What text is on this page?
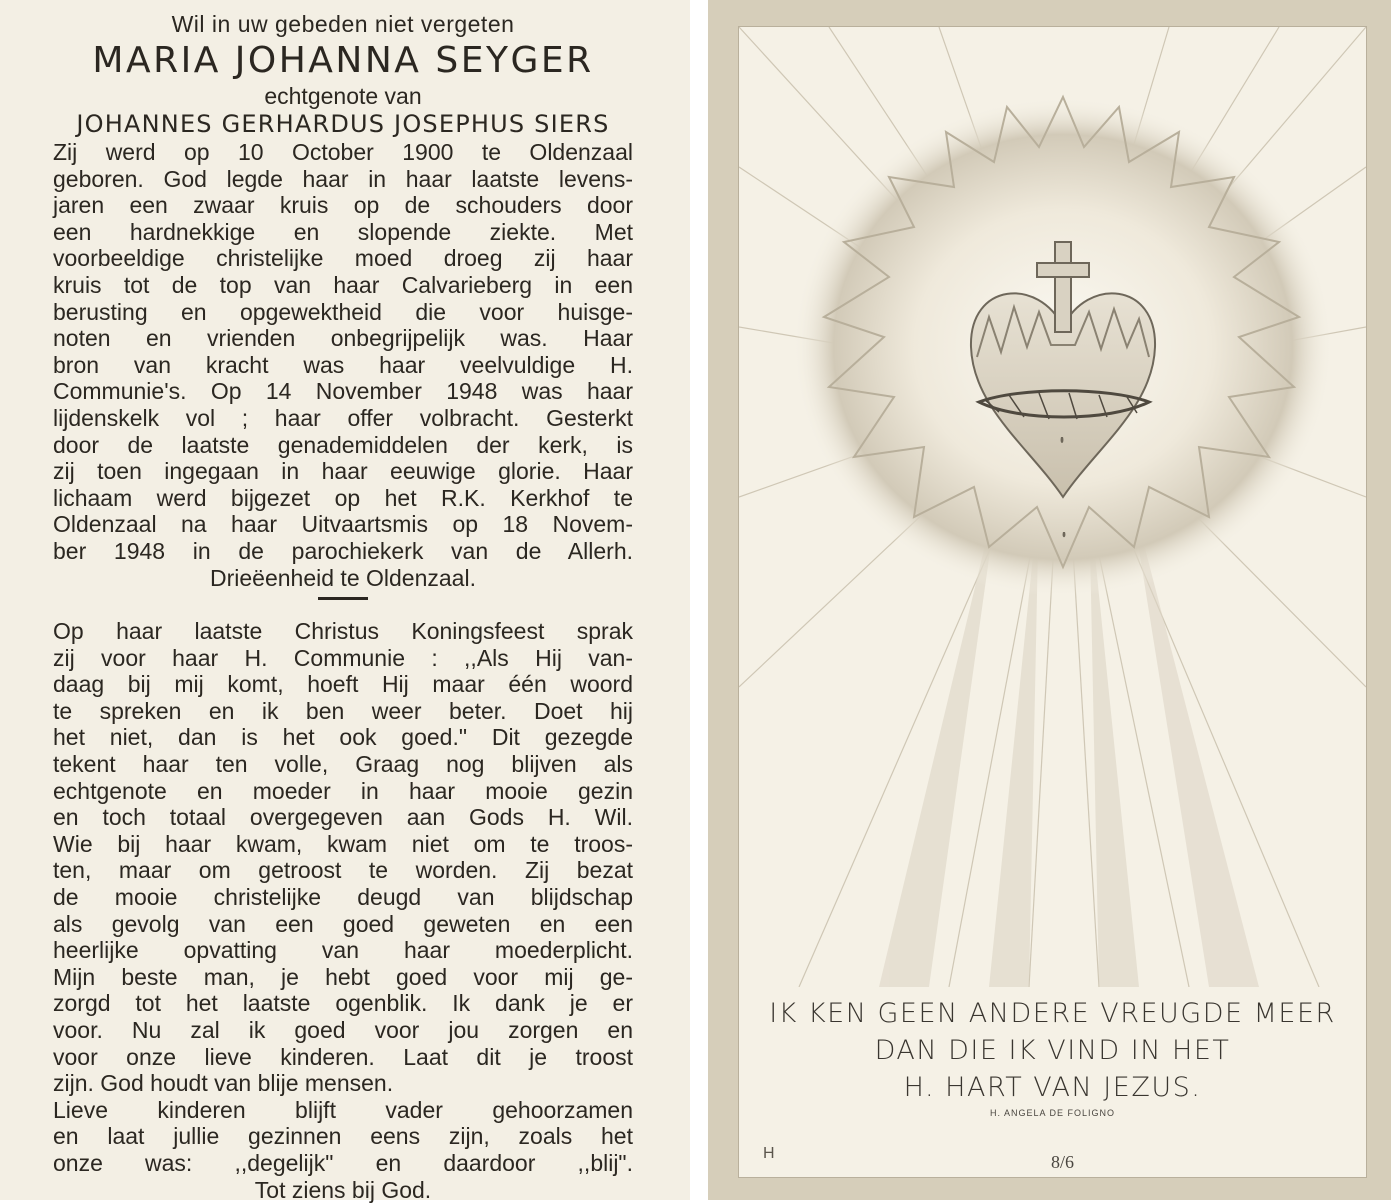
Wil in uw gebeden niet vergeten
MARIA JOHANNA SEYGER
echtgenote van
JOHANNES GERHARDUS JOSEPHUS SIERS
Zij werd op 10 October 1900 te Oldenzaal
geboren. God legde haar in haar laatste levens-
jaren een zwaar kruis op de schouders door
een hardnekkige en slopende ziekte. Met
voorbeeldige christelijke moed droeg zij haar
kruis tot de top van haar Calvarieberg in een
berusting en opgewektheid die voor huisge-
noten en vrienden onbegrijpelijk was. Haar
bron van kracht was haar veelvuldige H.
Communie's. Op 14 November 1948 was haar
lijdenskelk vol ; haar offer volbracht. Gesterkt
door de laatste genademiddelen der kerk, is
zij toen ingegaan in haar eeuwige glorie. Haar
lichaam werd bijgezet op het R.K. Kerkhof te
Oldenzaal na haar Uitvaartsmis op 18 Novem-
ber 1948 in de parochiekerk van de Allerh.
Drieëenheid te Oldenzaal.
Op haar laatste Christus Koningsfeest sprak
zij voor haar H. Communie : ,,Als Hij van-
daag bij mij komt, hoeft Hij maar één woord
te spreken en ik ben weer beter. Doet hij
het niet, dan is het ook goed." Dit gezegde
tekent haar ten volle, Graag nog blijven als
echtgenote en moeder in haar mooie gezin
en toch totaal overgegeven aan Gods H. Wil.
Wie bij haar kwam, kwam niet om te troos-
ten, maar om getroost te worden. Zij bezat
de mooie christelijke deugd van blijdschap
als gevolg van een goed geweten en een
heerlijke opvatting van haar moederplicht.
Mijn beste man, je hebt goed voor mij ge-
zorgd tot het laatste ogenblik. Ik dank je er
voor. Nu zal ik goed voor jou zorgen en
voor onze lieve kinderen. Laat dit je troost
zijn. God houdt van blije mensen.
Lieve kinderen blijft vader gehoorzamen
en laat jullie gezinnen eens zijn, zoals het
onze was: ,,degelijk" en daardoor ,,blij".
Tot ziens bij God.
IK KEN GEEN ANDERE VREUGDE MEER
DAN DIE IK VIND IN HET
H. HART VAN JEZUS.
H. ANGELA DE FOLIGNO
H	8/6
